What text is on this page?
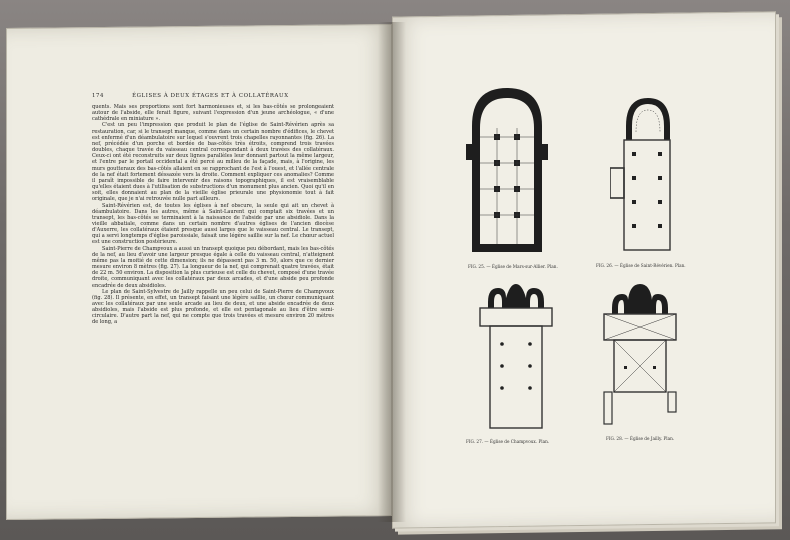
174	ÉGLISES À DEUX ÉTAGES ET À COLLATÉRAUX

quents. Mais ses proportions sont fort harmonieuses et, si les bas-côtés se prolongeaient autour de l'abside, elle ferait figure, suivant l'expression d'un jeune archéologue, « d'une cathédrale en miniature ».

C'est un peu l'impression que produit le plan de l'église de Saint-Révérien après sa restauration, car, si le transept manque, comme dans un certain nombre d'édifices, le chevet est enfermé d'un déambulatoire sur lequel s'ouvrent trois chapelles rayonnantes (fig. 26). La nef, précédée d'un porche et bordée de bas-côtés très étroits, comprend trois travées doubles, chaque travée du vaisseau central correspondant à deux travées des collatéraux. Ceux-ci ont été reconstruits sur deux lignes parallèles leur donnant partout la même largeur, et l'entre par le portail occidental a été percé au milieu de la façade, mais, à l'origine, les murs goutteraux des bas-côtés allaient en se rapprochant de l'est à l'ouest, et l'allée centrale de la nef était fortement déssaxée vers la droite. Comment expliquer ces anomalies? Comme il paraît impossible de faire intervenir des raisons topographiques, il est vraisemblable qu'elles étaient dues à l'utilisation de substructions d'un monument plus ancien. Quoi qu'il en soit, elles donnaient au plan de la vieille église prieurale une physionomie tout à fait originale, que je n'ai retrouvée nulle part ailleurs.

Saint-Révérien est, de toutes les églises à nef obscure, la seule qui ait un chevet à déambulatoire. Dans les autres, même à Saint-Laurent qui comptait six travées et un transept, les bas-côtés se terminaient à la naissance de l'abside par une absidiole. Dans la vieille abbatiale, comme dans un certain nombre d'autres églises de l'ancien diocèse d'Auxerre, les collatéraux étaient presque aussi larges que le vaisseau central. Le transept, qui a servi longtemps d'église paroissiale, faisait une légère saillie sur la nef. Le chœur actuel est une construction postérieure.

Saint-Pierre de Champvoux a aussi un transept quoique peu débordant, mais les bas-côtés de la nef, au lieu d'avoir une largeur presque égale à celle du vaisseau central, n'atteignent même pas la moitié de cette dimension; ils ne dépassent pas 3 m. 50, alors que ce dernier mesure environ 8 mètres (fig. 27). La longueur de la nef, qui comprenait quatre travées, était de 22 m. 50 environ. La disposition la plus curieuse est celle du chevet, composé d'une travée droite, communiquant avec les collatéraux par deux arcades, et d'une abside peu profonde encadrée de deux absidioles.

Le plan de Saint-Sylvestre de Jailly rappelle un peu celui de Saint-Pierre de Champvoux (fig. 28). Il présente, en effet, un transept faisant une légère saillie, un chœur communiquant avec les collatéraux par une seule arcade au lieu de deux, et une abside encadrée de deux absidioles, mais l'abside est plus profonde, et elle est pentagonale au lieu d'être semi-circulaire. D'autre part la nef, qui ne compte que trois travées et mesure environ 20 mètres de long, a

FIG. 25. — Église de Mars-sur-Allier. Plan.	FIG. 26. — Église de Saint-Révérien. Plan.
FIG. 27. — Église de Champvoux. Plan.
FIG. 28. — Église de Jailly. Plan.
